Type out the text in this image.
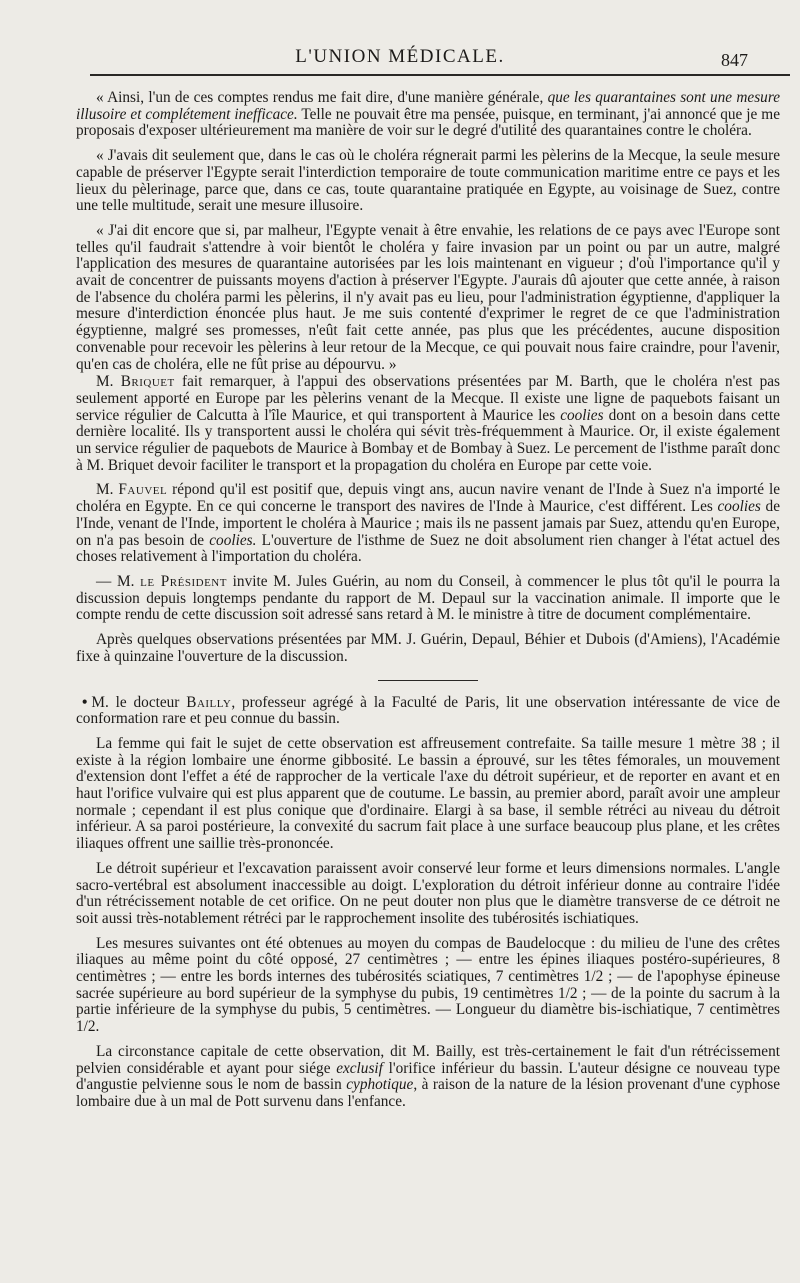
L'UNION MÉDICALE.	847

« Ainsi, l'un de ces comptes rendus me fait dire, d'une manière générale, que les quarantaines sont une mesure illusoire et complétement inefficace. Telle ne pouvait être ma pensée, puisque, en terminant, j'ai annoncé que je me proposais d'exposer ultérieurement ma manière de voir sur le degré d'utilité des quarantaines contre le choléra.

« J'avais dit seulement que, dans le cas où le choléra régnerait parmi les pèlerins de la Mecque, la seule mesure capable de préserver l'Egypte serait l'interdiction temporaire de toute communication maritime entre ce pays et les lieux du pèlerinage, parce que, dans ce cas, toute quarantaine pratiquée en Egypte, au voisinage de Suez, contre une telle multitude, serait une mesure illusoire.

« J'ai dit encore que si, par malheur, l'Egypte venait à être envahie, les relations de ce pays avec l'Europe sont telles qu'il faudrait s'attendre à voir bientôt le choléra y faire invasion par un point ou par un autre, malgré l'application des mesures de quarantaine autorisées par les lois maintenant en vigueur ; d'où l'importance qu'il y avait de concentrer de puissants moyens d'action à préserver l'Egypte. J'aurais dû ajouter que cette année, à raison de l'absence du choléra parmi les pèlerins, il n'y avait pas eu lieu, pour l'administration égyptienne, d'appliquer la mesure d'interdiction énoncée plus haut. Je me suis contenté d'exprimer le regret de ce que l'administration égyptienne, malgré ses promesses, n'eût fait cette année, pas plus que les précédentes, aucune disposition convenable pour recevoir les pèlerins à leur retour de la Mecque, ce qui pouvait nous faire craindre, pour l'avenir, qu'en cas de choléra, elle ne fût prise au dépourvu. »

M. Briquet fait remarquer, à l'appui des observations présentées par M. Barth, que le choléra n'est pas seulement apporté en Europe par les pèlerins venant de la Mecque. Il existe une ligne de paquebots faisant un service régulier de Calcutta à l'île Maurice, et qui transportent à Maurice les coolies dont on a besoin dans cette dernière localité. Ils y transportent aussi le choléra qui sévit très-fréquemment à Maurice. Or, il existe également un service régulier de paquebots de Maurice à Bombay et de Bombay à Suez. Le percement de l'isthme paraît donc à M. Briquet devoir faciliter le transport et la propagation du choléra en Europe par cette voie.

M. Fauvel répond qu'il est positif que, depuis vingt ans, aucun navire venant de l'Inde à Suez n'a importé le choléra en Egypte. En ce qui concerne le transport des navires de l'Inde à Maurice, c'est différent. Les coolies de l'Inde, venant de l'Inde, importent le choléra à Maurice ; mais ils ne passent jamais par Suez, attendu qu'en Europe, on n'a pas besoin de coolies. L'ouverture de l'isthme de Suez ne doit absolument rien changer à l'état actuel des choses relativement à l'importation du choléra.

— M. le Président invite M. Jules Guérin, au nom du Conseil, à commencer le plus tôt qu'il le pourra la discussion depuis longtemps pendante du rapport de M. Depaul sur la vaccination animale. Il importe que le compte rendu de cette discussion soit adressé sans retard à M. le ministre à titre de document complémentaire.

Après quelques observations présentées par MM. J. Guérin, Depaul, Béhier et Dubois (d'Amiens), l'Académie fixe à quinzaine l'ouverture de la discussion.

• M. le docteur Bailly, professeur agrégé à la Faculté de Paris, lit une observation intéressante de vice de conformation rare et peu connue du bassin.

La femme qui fait le sujet de cette observation est affreusement contrefaite. Sa taille mesure 1 mètre 38 ; il existe à la région lombaire une énorme gibbosité. Le bassin a éprouvé, sur les têtes fémorales, un mouvement d'extension dont l'effet a été de rapprocher de la verticale l'axe du détroit supérieur, et de reporter en avant et en haut l'orifice vulvaire qui est plus apparent que de coutume. Le bassin, au premier abord, paraît avoir une ampleur normale ; cependant il est plus conique que d'ordinaire. Elargi à sa base, il semble rétréci au niveau du détroit inférieur. A sa paroi postérieure, la convexité du sacrum fait place à une surface beaucoup plus plane, et les crêtes iliaques offrent une saillie très-prononcée.

Le détroit supérieur et l'excavation paraissent avoir conservé leur forme et leurs dimensions normales. L'angle sacro-vertébral est absolument inaccessible au doigt. L'exploration du détroit inférieur donne au contraire l'idée d'un rétrécissement notable de cet orifice. On ne peut douter non plus que le diamètre transverse de ce détroit ne soit aussi très-notablement rétréci par le rapprochement insolite des tubérosités ischiatiques.

Les mesures suivantes ont été obtenues au moyen du compas de Baudelocque : du milieu de l'une des crêtes iliaques au même point du côté opposé, 27 centimètres ; — entre les épines iliaques postéro-supérieures, 8 centimètres ; — entre les bords internes des tubérosités sciatiques, 7 centimètres 1/2 ; — de l'apophyse épineuse sacrée supérieure au bord supérieur de la symphyse du pubis, 19 centimètres 1/2 ; — de la pointe du sacrum à la partie inférieure de la symphyse du pubis, 5 centimètres. — Longueur du diamètre bis-ischiatique, 7 centimètres 1/2.

La circonstance capitale de cette observation, dit M. Bailly, est très-certainement le fait d'un rétrécissement pelvien considérable et ayant pour siége exclusif l'orifice inférieur du bassin. L'auteur désigne ce nouveau type d'angustie pelvienne sous le nom de bassin cyphotique, à raison de la nature de la lésion provenant d'une cyphose lombaire due à un mal de Pott survenu dans l'enfance.
